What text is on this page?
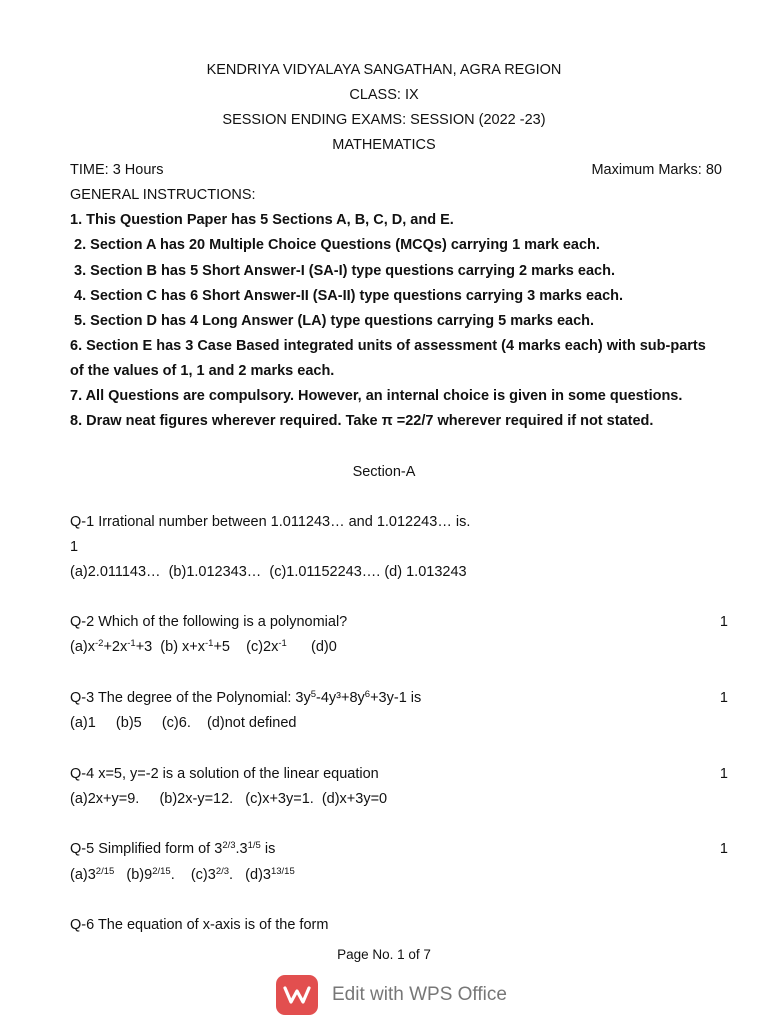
KENDRIYA VIDYALAYA SANGATHAN, AGRA REGION
CLASS: IX
SESSION ENDING EXAMS: SESSION (2022 -23)
MATHEMATICS
TIME: 3 Hours	Maximum Marks: 80
GENERAL INSTRUCTIONS:
1. This Question Paper has 5 Sections A, B, C, D, and E.
2. Section A has 20 Multiple Choice Questions (MCQs) carrying 1 mark each.
3. Section B has 5 Short Answer-I (SA-I) type questions carrying 2 marks each.
4. Section C has 6 Short Answer-II (SA-II) type questions carrying 3 marks each.
5. Section D has 4 Long Answer (LA) type questions carrying 5 marks each.
6. Section E has 3 Case Based integrated units of assessment (4 marks each) with sub-parts
of the values of 1, 1 and 2 marks each.
7. All Questions are compulsory. However, an internal choice is given in some questions.
8. Draw neat figures wherever required. Take π =22/7 wherever required if not stated.
Section-A
Q-1 Irrational number between 1.011243… and 1.012243… is.
1
(a)2.011143…  (b)1.012343…  (c)1.01152243…. (d) 1.013243
Q-2 Which of the following is a polynomial?	1
$(a)x^{-2}+2x^{-1}+3$ (b) $x+x^{-1}+5$ $(c)2x^{-1}$ (d)0
Q-3 The degree of the Polynomial: $3y^5-4y^3+8y^6+3y-1$ is	1
(a)1     (b)5     (c)6.    (d)not defined
Q-4 x=5, y=-2 is a solution of the linear equation	1
(a)2x+y=9.     (b)2x-y=12.   (c)x+3y=1.  (d)x+3y=0
Q-5 Simplified form of $3^{2/3}.3^{1/5}$ is	1
$(a)3^{2/15}$ $(b)9^{2/15}$. $(c)3^{2/3}$. $(d)3^{13/15}$
Q-6 The equation of x-axis is of the form
Page No. 1 of 7
Edit with WPS Office
